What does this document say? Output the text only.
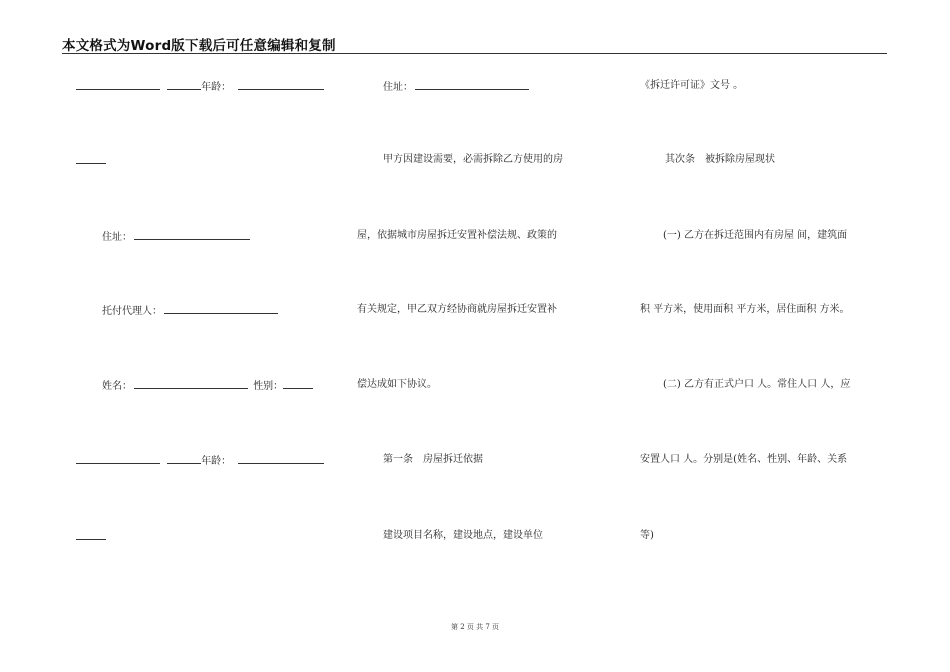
本文格式为Word版下载后可任意编辑和复制
年龄：
住址：
托付代理人：
姓名：	性别：
年龄：
住址：
甲方因建设需要，必需拆除乙方使用的房
屋，依据城市房屋拆迁安置补偿法规、政策的
有关规定，甲乙双方经协商就房屋拆迁安置补
偿达成如下协议。
第一条　房屋拆迁依据
建设项目名称，建设地点，建设单位
《拆迁许可证》文号 。
其次条　被拆除房屋现状
(一) 乙方在拆迁范围内有房屋 间，建筑面
积 平方米，使用面积 平方米，居住面积 方米。
(二) 乙方有正式户口 人。常住人口 人，应
安置人口 人。分别是(姓名、性别、年龄、关系
等)
第 2 页 共 7 页
